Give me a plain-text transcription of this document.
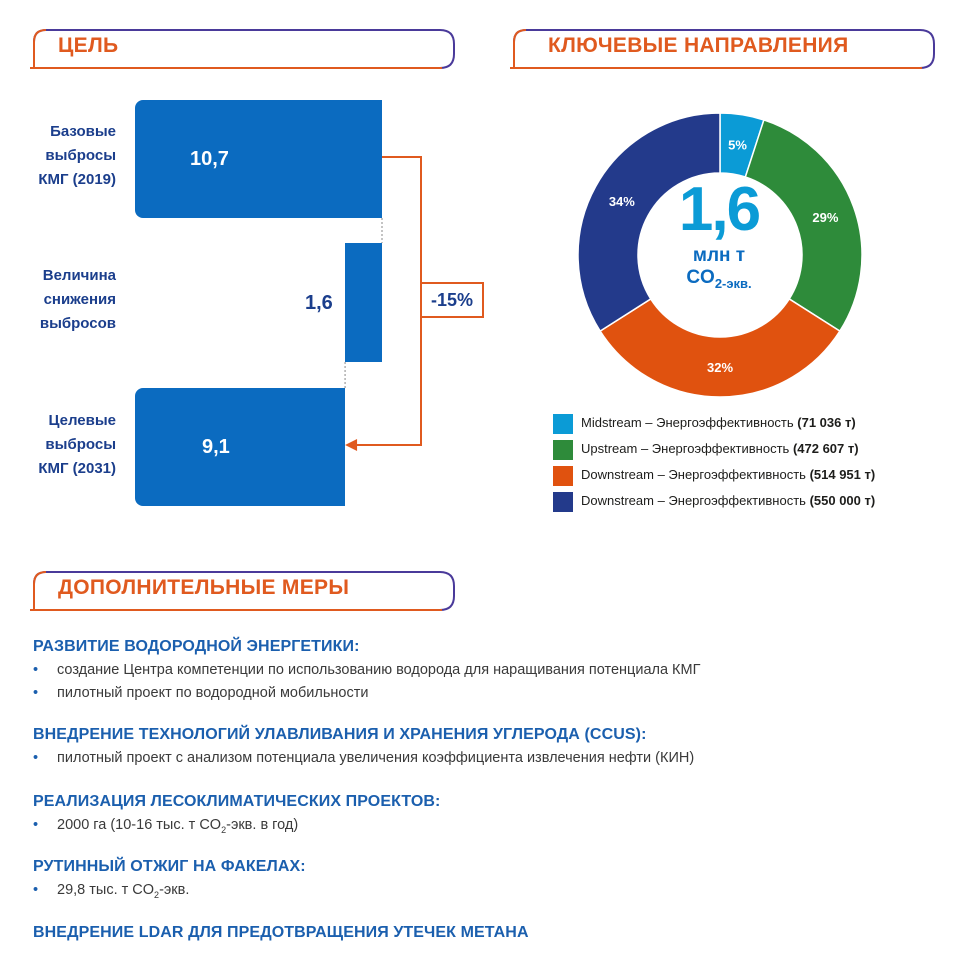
ЦЕЛЬ	КЛЮЧЕВЫЕ НАПРАВЛЕНИЯ
ДОПОЛНИТЕЛЬНЫЕ МЕРЫ
Базовые
выбросы
КМГ (2019)
10,7
Величина
снижения
выбросов
1,6
Целевые
выбросы
КМГ (2031)
9,1
-15%
5%
29%
32%
34% 1,6
млн т
$CO_{2-экв.}$
Midstream – Энергоэффективность (71 036 т)
Upstream – Энергоэффективность (472 607 т)
Downstream – Энергоэффективность (514 951 т)
Downstream – Энергоэффективность (550 000 т)
РАЗВИТИЕ ВОДОРОДНОЙ ЭНЕРГЕТИКИ:
• создание Центра компетенции по использованию водорода для наращивания потенциала КМГ
• пилотный проект по водородной мобильности
ВНЕДРЕНИЕ ТЕХНОЛОГИЙ УЛАВЛИВАНИЯ И ХРАНЕНИЯ УГЛЕРОДА (CCUS):
• пилотный проект с анализом потенциала увеличения коэффициента извлечения нефти (КИН)
РЕАЛИЗАЦИЯ ЛЕСОКЛИМАТИЧЕСКИХ ПРОЕКТОВ:
• 2000 га (10-16 тыс. т $CO_2$-экв. в год)
РУТИННЫЙ ОТЖИГ НА ФАКЕЛАХ:
• 29,8 тыс. т $CO_2$-экв.
ВНЕДРЕНИЕ LDAR ДЛЯ ПРЕДОТВРАЩЕНИЯ УТЕЧЕК МЕТАНА
